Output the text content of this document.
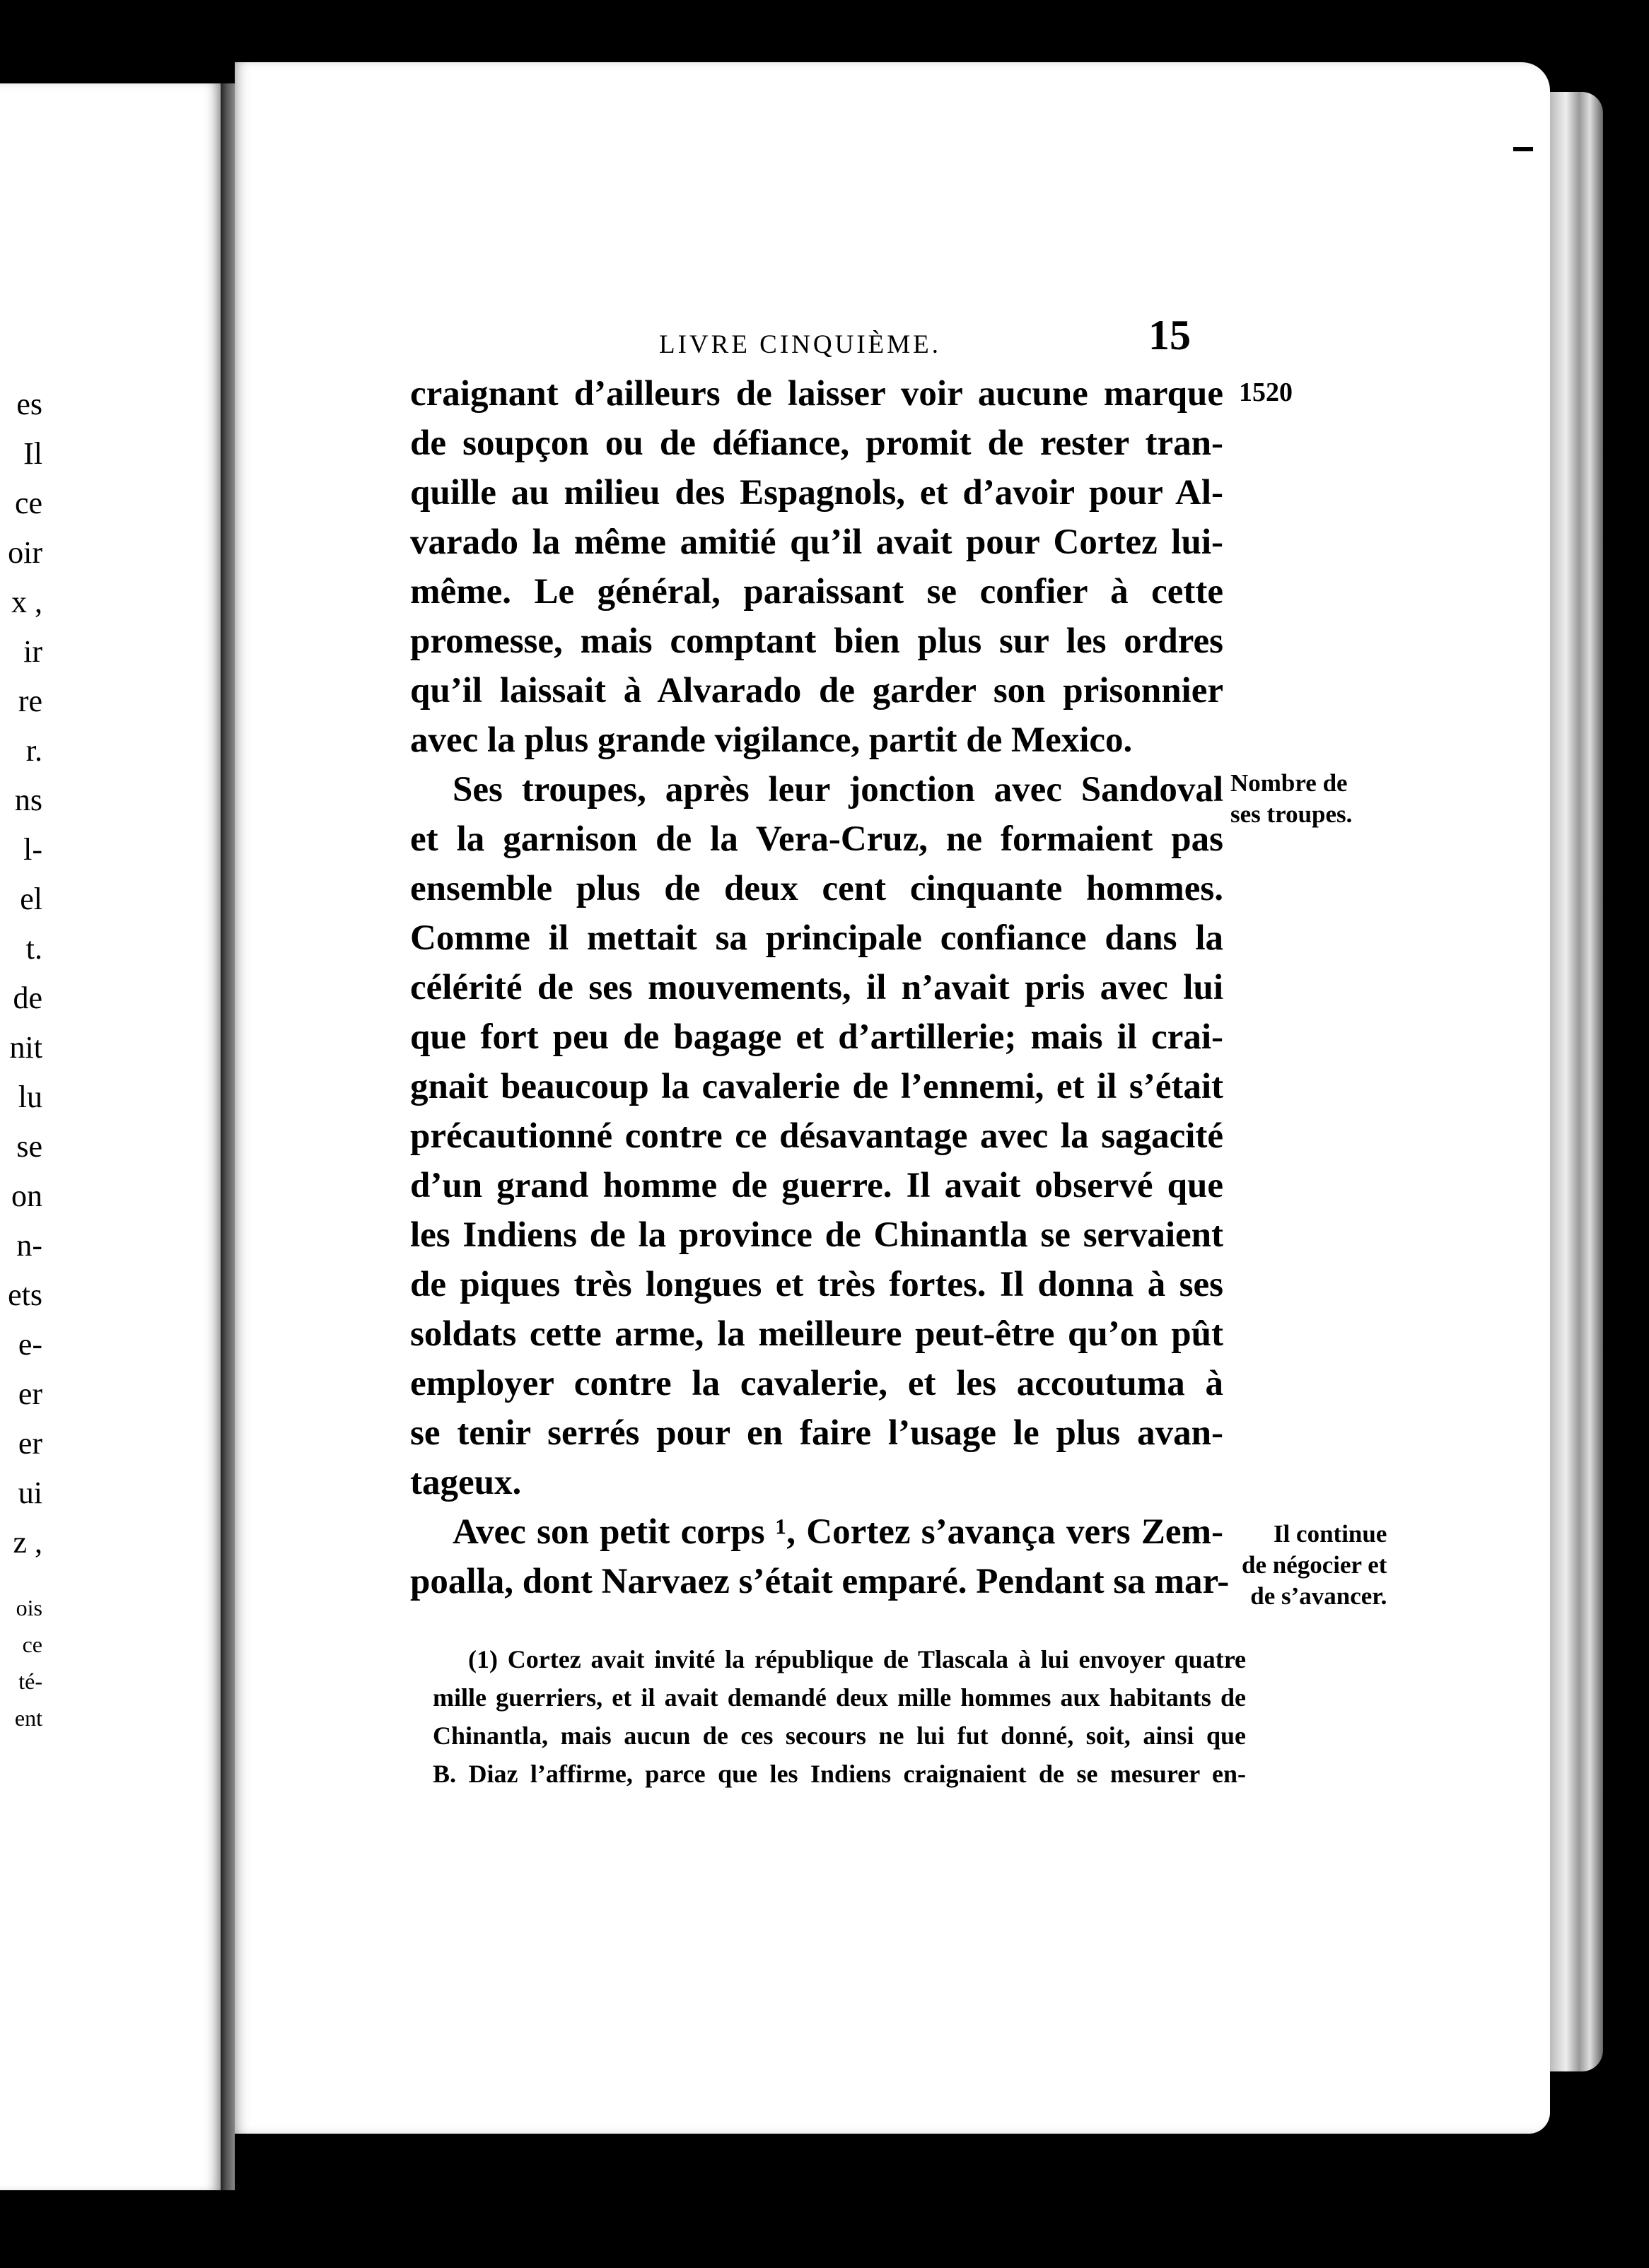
es
Il
ce
oir
x ,
ir
re
r.
ns
l-
el
t.
de
nit
lu
se
on
n-
ets
e-
er
er
ui
z ,
ois
ce
té-
ent
LIVRE CINQUIÈME.	15
1520
craignant d’ailleurs de laisser voir aucune marque
de soupçon ou de défiance, promit de rester tran-
quille au milieu des Espagnols, et d’avoir pour Al-
varado la même amitié qu’il avait pour Cortez lui-
même. Le général, paraissant se confier à cette
promesse, mais comptant bien plus sur les ordres
qu’il laissait à Alvarado de garder son prisonnier
avec la plus grande vigilance, partit de Mexico.
Ses troupes, après leur jonction avec Sandoval
et la garnison de la Vera-Cruz, ne formaient pas
ensemble plus de deux cent cinquante hommes.
Comme il mettait sa principale confiance dans la
célérité de ses mouvements, il n’avait pris avec lui
que fort peu de bagage et d’artillerie; mais il crai-
gnait beaucoup la cavalerie de l’ennemi, et il s’était
précautionné contre ce désavantage avec la sagacité
d’un grand homme de guerre. Il avait observé que
les Indiens de la province de Chinantla se servaient
de piques très longues et très fortes. Il donna à ses
soldats cette arme, la meilleure peut-être qu’on pût
employer contre la cavalerie, et les accoutuma à
se tenir serrés pour en faire l’usage le plus avan-
tageux.
Avec son petit corps ¹, Cortez s’avança vers Zem-
poalla, dont Narvaez s’était emparé. Pendant sa mar-
Nombre de
ses troupes.
Il continue
de négocier et
de s’avancer.
(1) Cortez avait invité la république de Tlascala à lui envoyer quatre
mille guerriers, et il avait demandé deux mille hommes aux habitants de
Chinantla, mais aucun de ces secours ne lui fut donné, soit, ainsi que
B. Diaz l’affirme, parce que les Indiens craignaient de se mesurer en-
